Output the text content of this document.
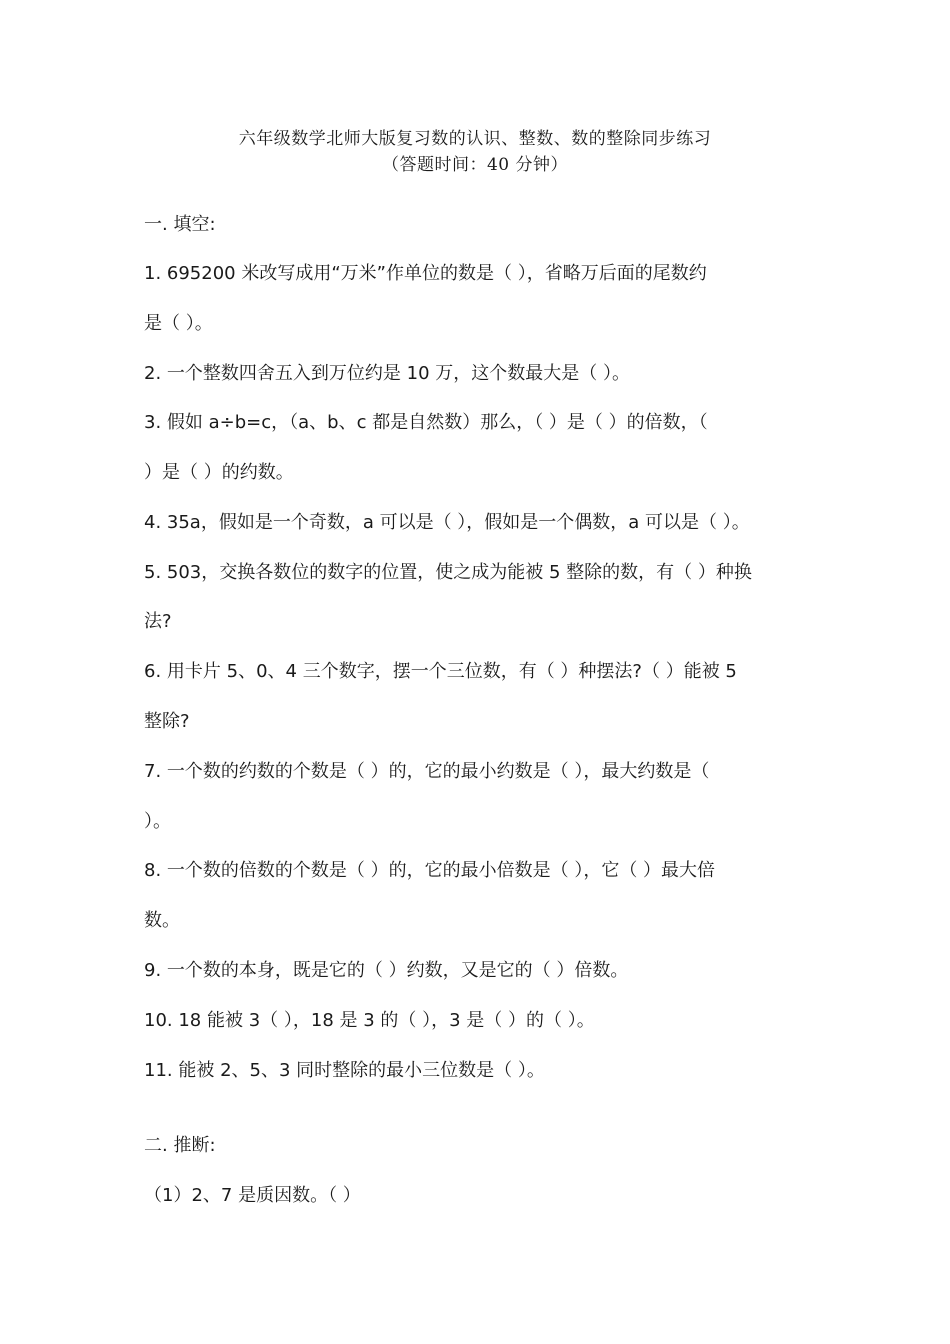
六年级数学北师大版复习数的认识、整数、数的整除同步练习
（答题时间：40 分钟）
一. 填空:
1. 695200 米改写成用“万米”作单位的数是（ ），省略万后面的尾数约
是（ ）。
2. 一个整数四舍五入到万位约是 10 万，这个数最大是（ ）。
3. 假如 a÷b=c，（a、b、c 都是自然数）那么，（ ）是（ ）的倍数，（
）是（ ）的约数。
4. 35a，假如是一个奇数，a 可以是（ ），假如是一个偶数，a 可以是（ ）。
5. 503，交换各数位的数字的位置，使之成为能被 5 整除的数，有（ ）种换
法?
6. 用卡片 5、0、4 三个数字，摆一个三位数，有（ ）种摆法?（ ）能被 5
整除?
7. 一个数的约数的个数是（ ）的，它的最小约数是（ ），最大约数是（
）。
8. 一个数的倍数的个数是（ ）的，它的最小倍数是（ ），它（ ）最大倍
数。
9. 一个数的本身，既是它的（ ）约数，又是它的（ ）倍数。
10. 18 能被 3（ ），18 是 3 的（ ），3 是（ ）的（ ）。
11. 能被 2、5、3 同时整除的最小三位数是（ ）。
二. 推断:
（1）2、7 是质因数。（ ）
